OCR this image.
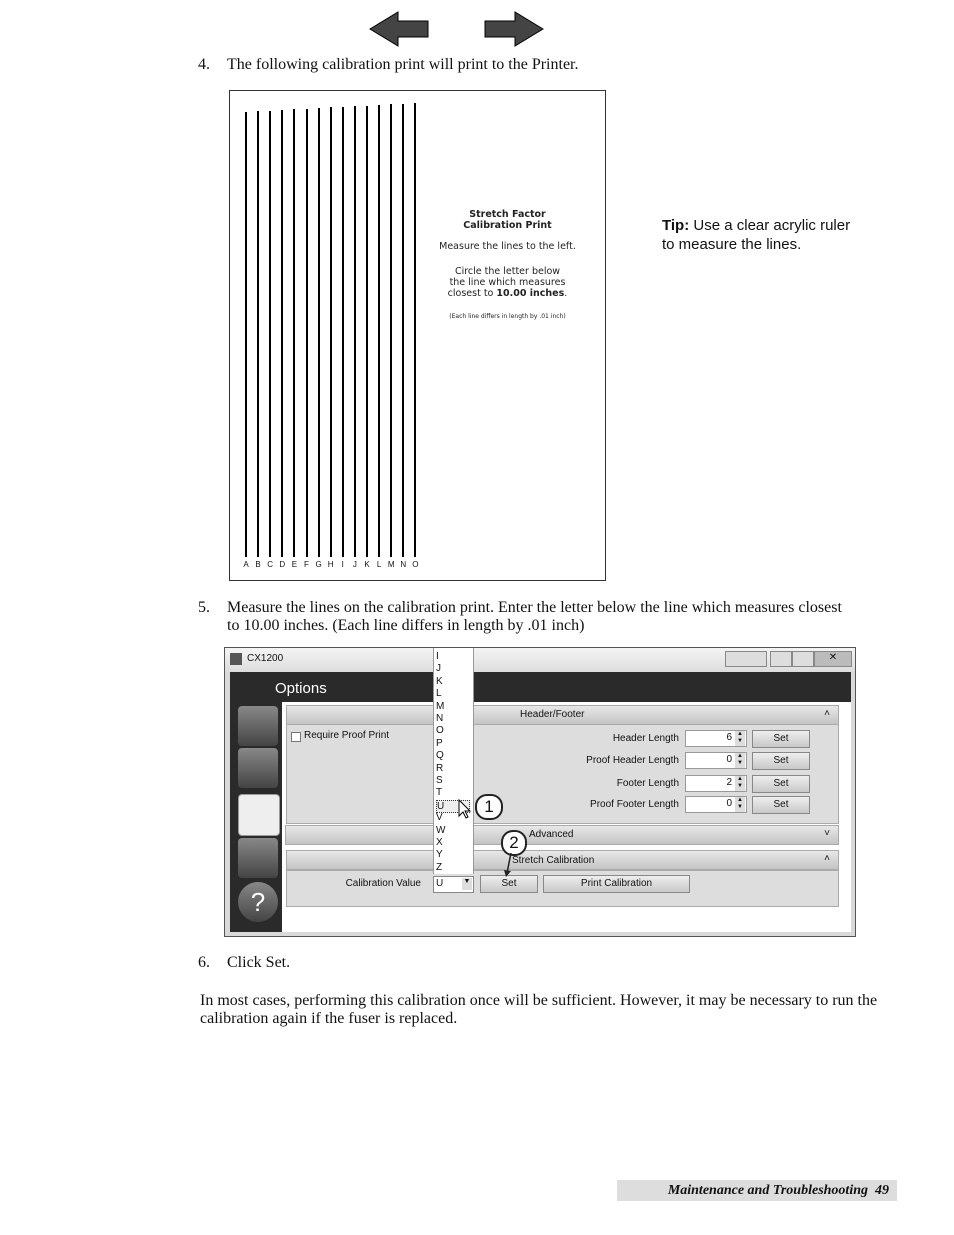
4. The following calibration print will print to the Printer.
A B C D E F G H	I	J K L M N O
Stretch Factor
Calibration Print
Measure the lines to the left.
Circle the letter below
the line which measures
closest to 10.00 inches.
(Each line differs in length by .01 inch)
Tip: Use a clear acrylic ruler to measure the lines.
5. Measure the lines on the calibration print. Enter the letter below the line which measures closest to 10.00 inches. (Each line differs in length by .01 inch)
CX1200	✕
Options
?
Header/Footer	˄
Require Proof Print	Header Length	6 ▲
▼	Set
Proof Header Length	0 ▲
▼	Set
Footer Length	2 ▲
▼	Set
Proof Footer Length	0 ▲
▼	Set
Advanced	˅
Stretch Calibration	˄
Calibration Value U	▼	Set	Print Calibration
I
J
K
L
M
N
O
P
Q
R
S
T
U
V
W
X
Y
Z
1
2
6. Click Set.
In most cases, performing this calibration once will be sufficient. However, it may be necessary to run the calibration again if the fuser is replaced.
Maintenance and Troubleshooting 49
